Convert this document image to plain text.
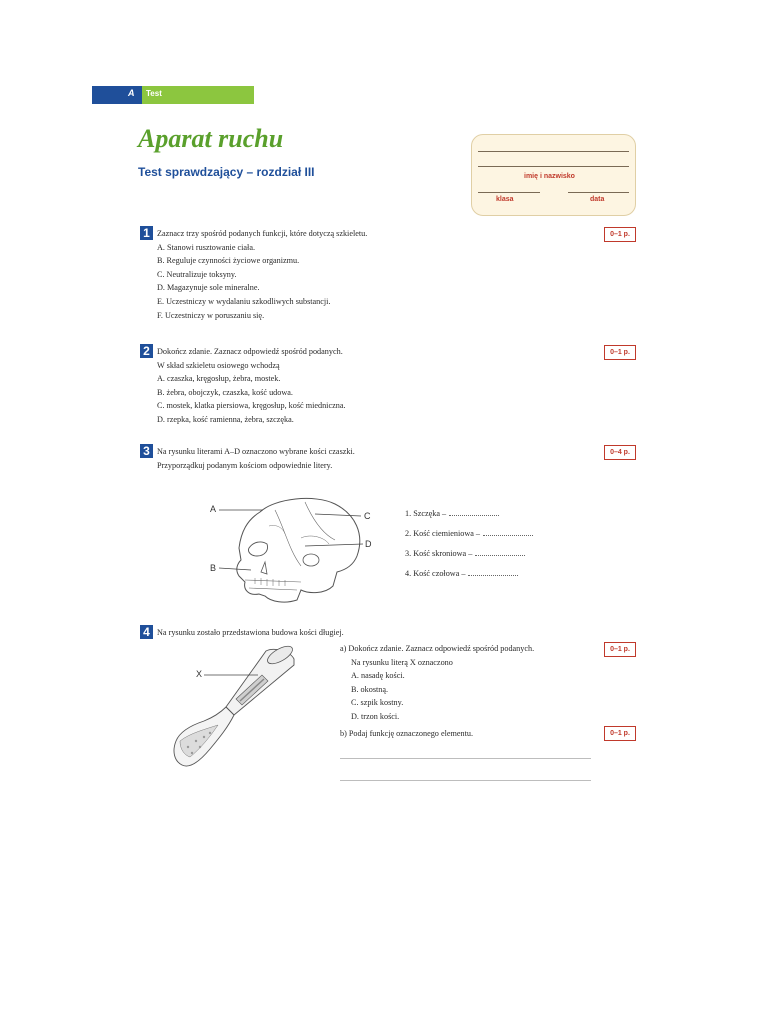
A Test
Aparat ruchu
Test sprawdzający – rozdział III	imię i nazwisko
klasa	data
1	0–1 p.
Zaznacz trzy spośród podanych funkcji, które dotyczą szkieletu.
A. Stanowi rusztowanie ciała.
B. Reguluje czynności życiowe organizmu.
C. Neutralizuje toksyny.
D. Magazynuje sole mineralne.
E. Uczestniczy w wydalaniu szkodliwych substancji.
F. Uczestniczy w poruszaniu się.
2	0–1 p.
Dokończ zdanie. Zaznacz odpowiedź spośród podanych.
W skład szkieletu osiowego wchodzą
A. czaszka, kręgosłup, żebra, mostek.
B. żebra, obojczyk, czaszka, kość udowa.
C. mostek, klatka piersiowa, kręgosłup, kość miedniczna.
D. rzepka, kość ramienna, żebra, szczęka.
3	0–4 p.
Na rysunku literami A–D oznaczono wybrane kości czaszki.
Przyporządkuj podanym kościom odpowiednie litery.
A
B
C
D
1. Szczęka –
2. Kość ciemieniowa –
3. Kość skroniowa –
4. Kość czołowa –
4 Na rysunku zostało przedstawiona budowa kości długiej.
X
0–1 p.
a) Dokończ zdanie. Zaznacz odpowiedź spośród podanych.
Na rysunku literą X oznaczono
A. nasadę kości.
B. okostną.
C. szpik kostny.
D. trzon kości.
0–1 p.
b) Podaj funkcję oznaczonego elementu.
